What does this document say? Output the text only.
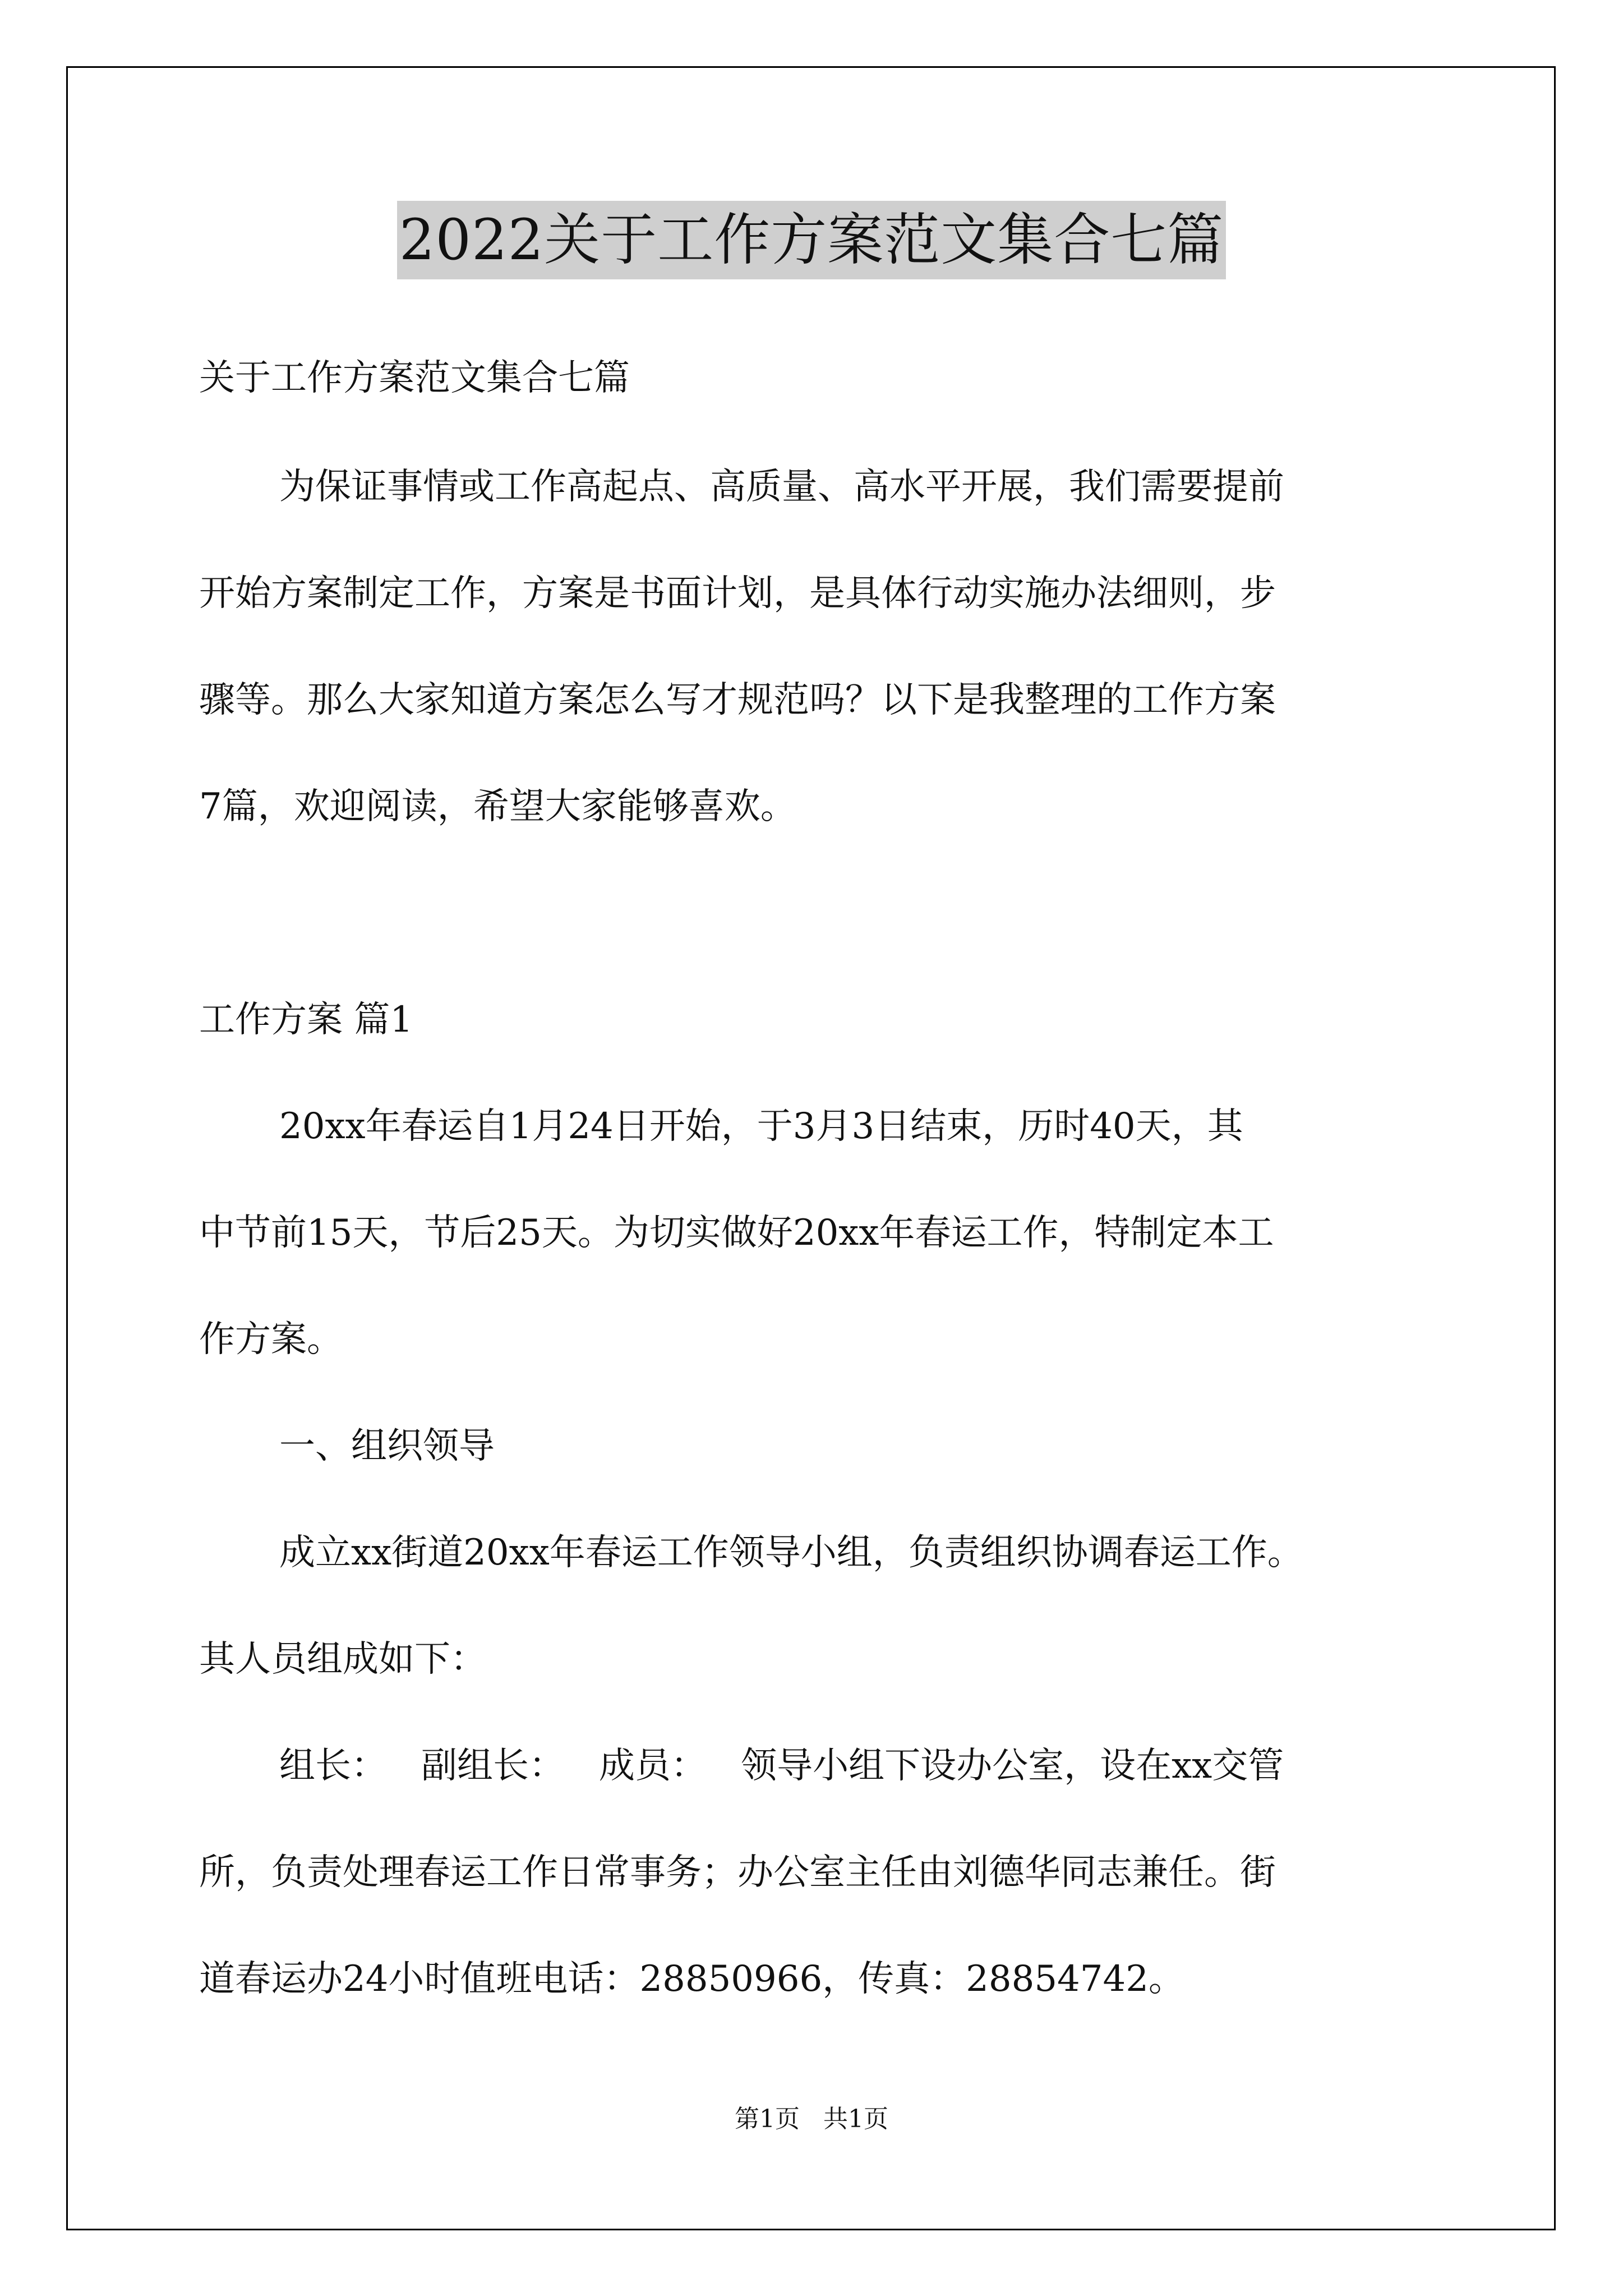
2022关于工作方案范文集合七篇
关于工作方案范文集合七篇
为保证事情或工作高起点、高质量、高水平开展，我们需要提前
开始方案制定工作，方案是书面计划，是具体行动实施办法细则，步
骤等。那么大家知道方案怎么写才规范吗？以下是我整理的工作方案
7篇，欢迎阅读，希望大家能够喜欢。
工作方案 篇1
20xx年春运自1月24日开始，于3月3日结束，历时40天，其
中节前15天，节后25天。为切实做好20xx年春运工作，特制定本工
作方案。
一、组织领导
成立xx街道20xx年春运工作领导小组，负责组织协调春运工作。
其人员组成如下：
组长：   副组长：   成员：   领导小组下设办公室，设在xx交管
所，负责处理春运工作日常事务；办公室主任由刘德华同志兼任。街
道春运办24小时值班电话：28850966，传真：28854742。
第1页   共1页
